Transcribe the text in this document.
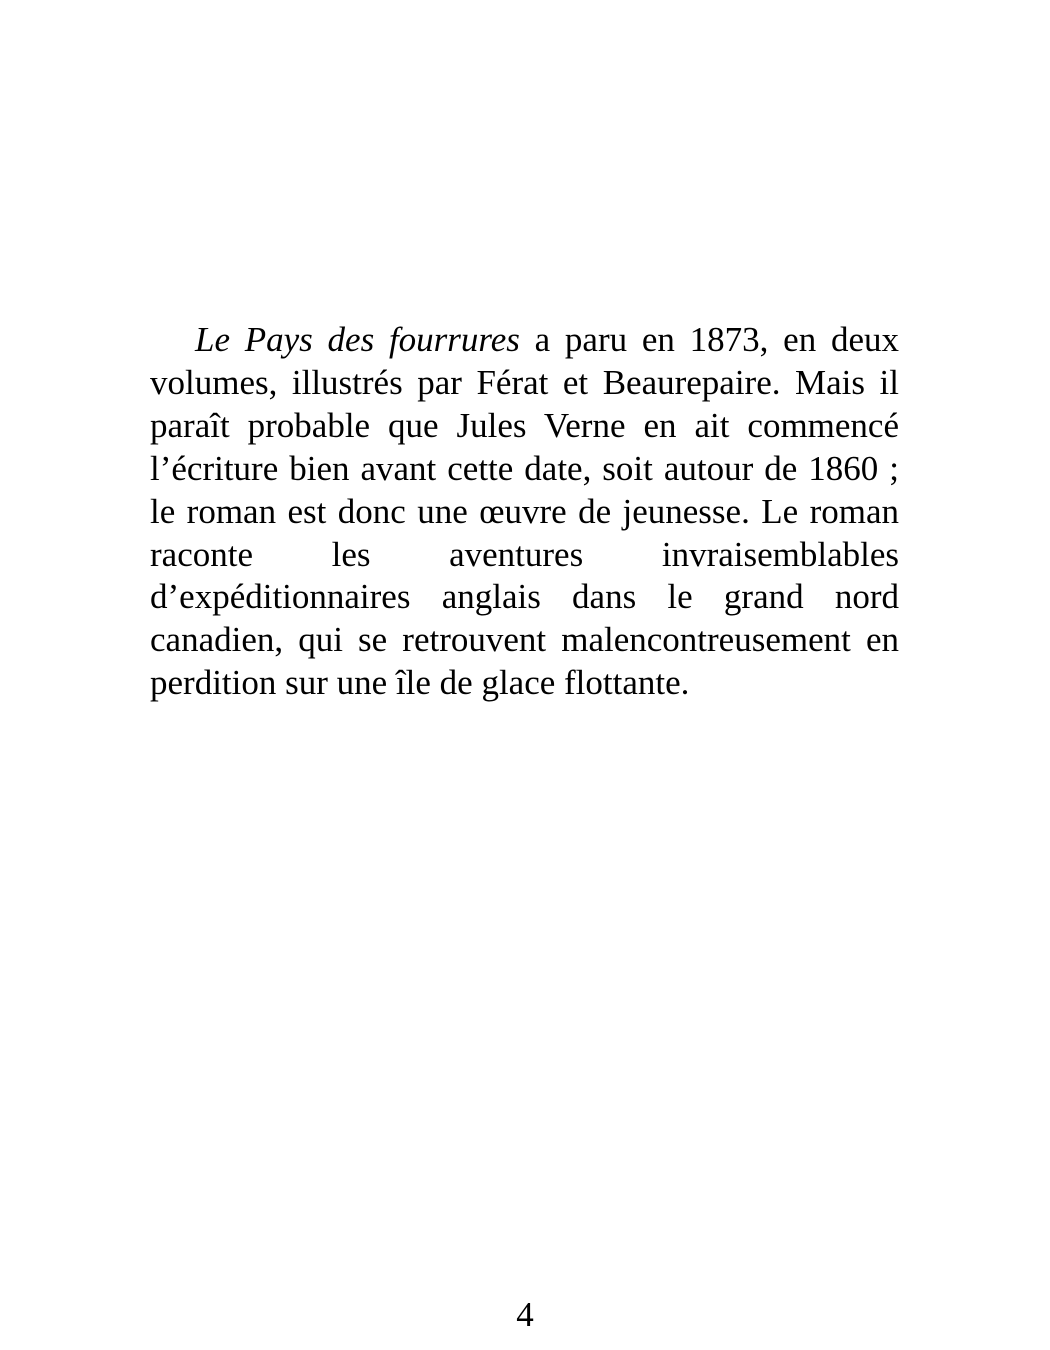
Le Pays des fourrures a paru en 1873, en deux volumes, illustrés par Férat et Beaurepaire. Mais il paraît probable que Jules Verne en ait commencé l’écriture bien avant cette date, soit autour de 1860 ; le roman est donc une œuvre de jeunesse. Le roman raconte les aventures invraisemblables d’expéditionnaires anglais dans le grand nord canadien, qui se retrouvent malencontreusement en perdition sur une île de glace flottante.

4
